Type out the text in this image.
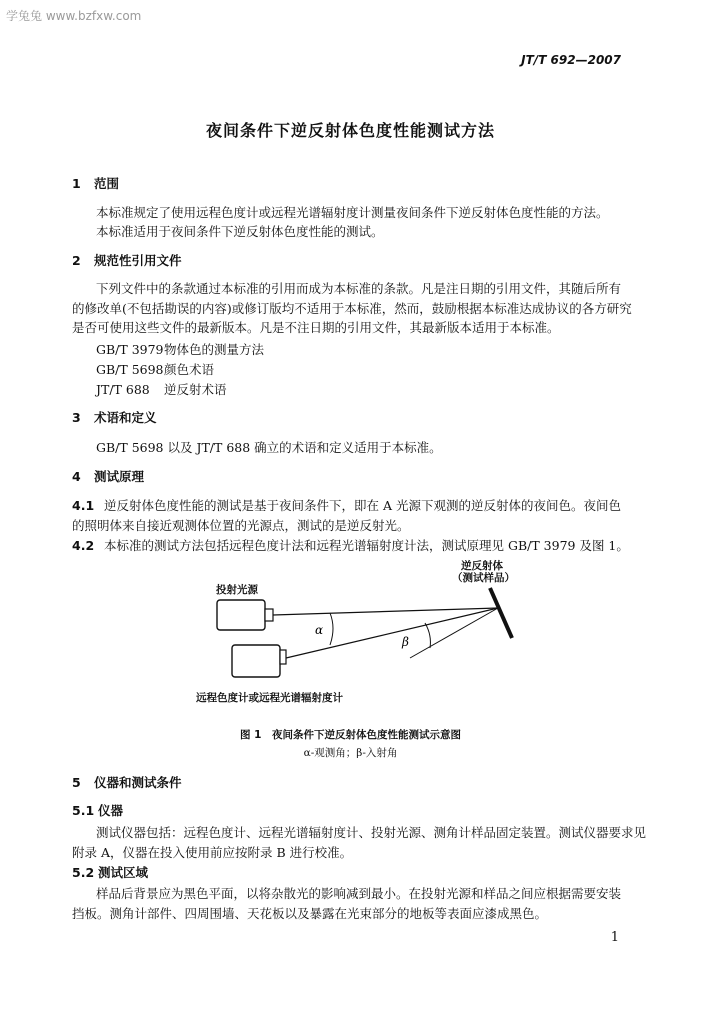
学兔兔 www.bzfxw.com
JT/T 692—2007
夜间条件下逆反射体色度性能测试方法
1 范围
本标准规定了使用远程色度计或远程光谱辐射度计测量夜间条件下逆反射体色度性能的方法。
本标准适用于夜间条件下逆反射体色度性能的测试。
2 规范性引用文件
下列文件中的条款通过本标准的引用而成为本标准的条款。凡是注日期的引用文件，其随后所有
的修改单(不包括勘误的内容)或修订版均不适用于本标准，然而，鼓励根据本标准达成协议的各方研究
是否可使用这些文件的最新版本。凡是不注日期的引用文件，其最新版本适用于本标准。
GB/T 3979物体色的测量方法
GB/T 5698颜色术语
JT/T 688 逆反射术语
3 术语和定义
GB/T 5698 以及 JT/T 688 确立的术语和定义适用于本标准。
4 测试原理
4.1 逆反射体色度性能的测试是基于夜间条件下，即在 A 光源下观测的逆反射体的夜间色。夜间色
的照明体来自接近观测体位置的光源点，测试的是逆反射光。
4.2 本标准的测试方法包括远程色度计法和远程光谱辐射度计法，测试原理见 GB/T 3979 及图 1。
α
β
逆反射体
（测试样品）
投射光源
远程色度计或远程光谱辐射度计
图 1　夜间条件下逆反射体色度性能测试示意图
α-观测角；β-入射角
5 仪器和测试条件
5.1 仪器
测试仪器包括：远程色度计、远程光谱辐射度计、投射光源、测角计样品固定装置。测试仪器要求见
附录 A，仪器在投入使用前应按附录 B 进行校准。
5.2 测试区域
样品后背景应为黑色平面，以将杂散光的影响减到最小。在投射光源和样品之间应根据需要安装
挡板。测角计部件、四周围墙、天花板以及暴露在光束部分的地板等表面应漆成黑色。
1
